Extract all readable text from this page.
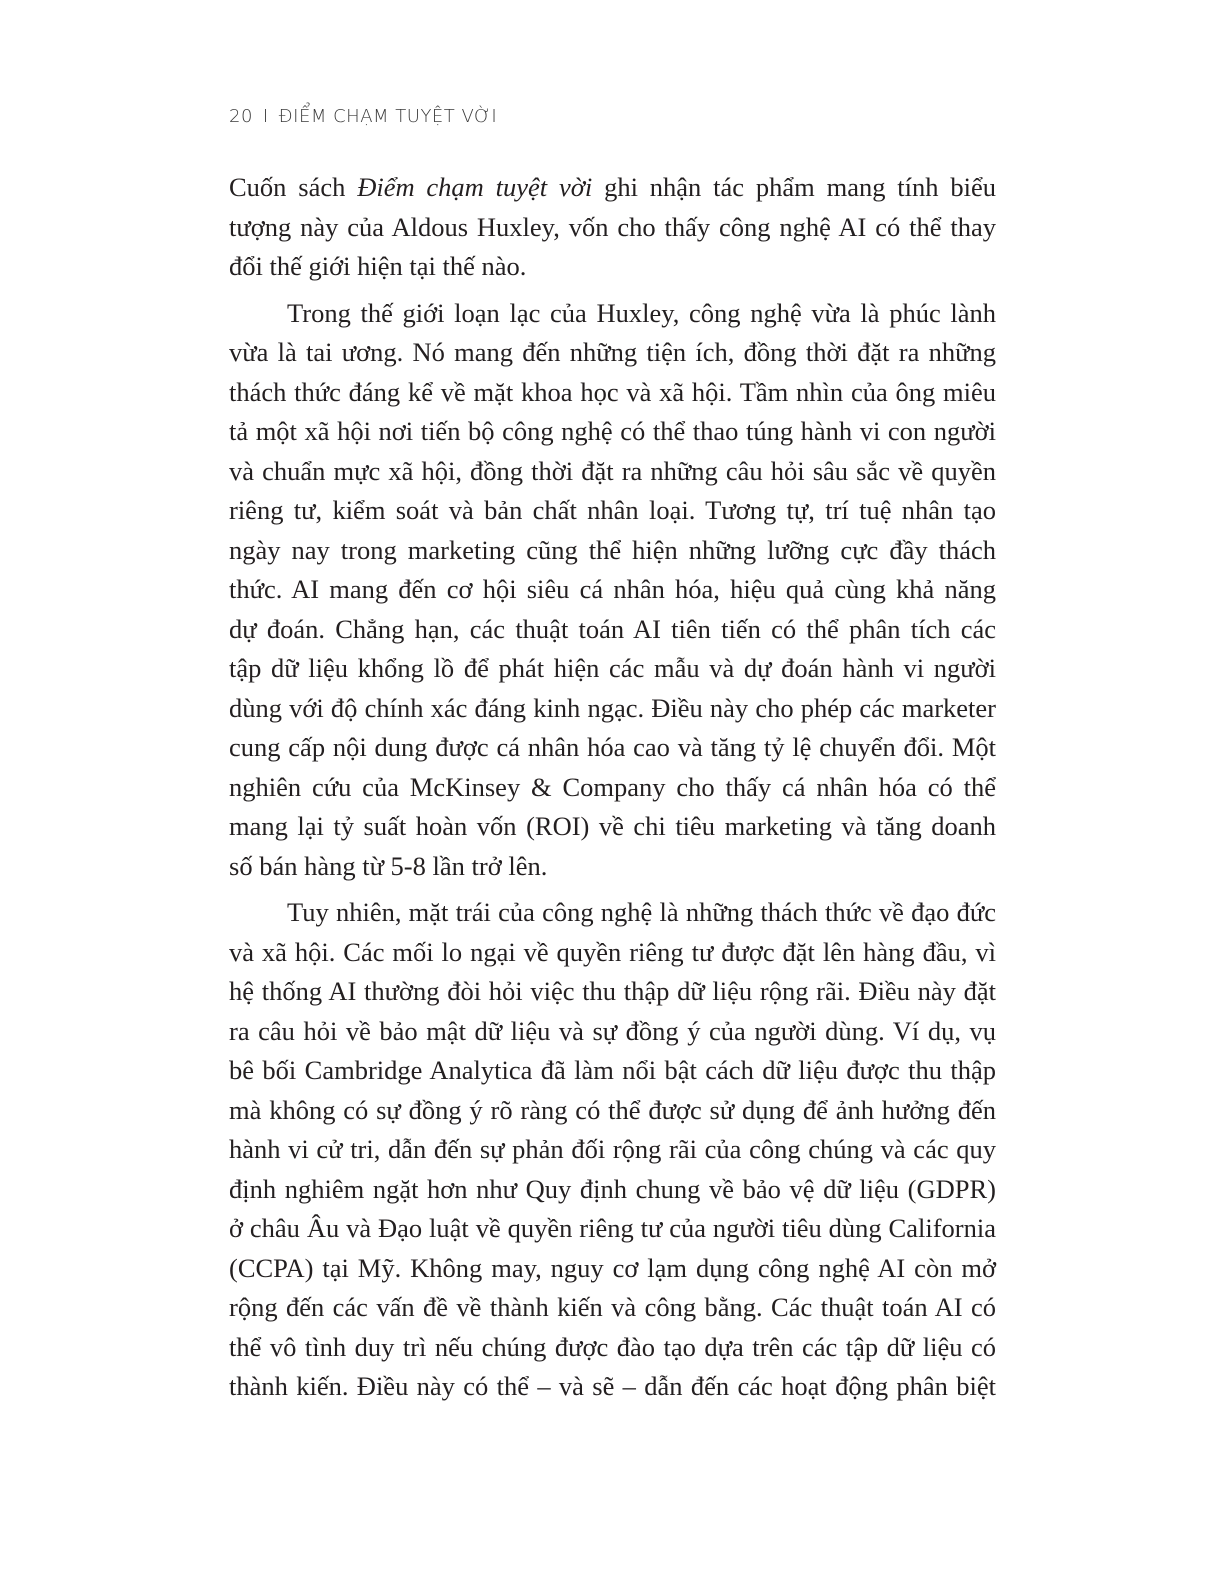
20 I ĐIỂM CHẠM TUYỆT VỜI
Cuốn sách Điểm chạm tuyệt vời ghi nhận tác phẩm mang tính biểu
tượng này của Aldous Huxley, vốn cho thấy công nghệ AI có thể thay
đổi thế giới hiện tại thế nào.
Trong thế giới loạn lạc của Huxley, công nghệ vừa là phúc lành
vừa là tai ương. Nó mang đến những tiện ích, đồng thời đặt ra những
thách thức đáng kể về mặt khoa học và xã hội. Tầm nhìn của ông miêu
tả một xã hội nơi tiến bộ công nghệ có thể thao túng hành vi con người
và chuẩn mực xã hội, đồng thời đặt ra những câu hỏi sâu sắc về quyền
riêng tư, kiểm soát và bản chất nhân loại. Tương tự, trí tuệ nhân tạo
ngày nay trong marketing cũng thể hiện những lưỡng cực đầy thách
thức. AI mang đến cơ hội siêu cá nhân hóa, hiệu quả cùng khả năng
dự đoán. Chẳng hạn, các thuật toán AI tiên tiến có thể phân tích các
tập dữ liệu khổng lồ để phát hiện các mẫu và dự đoán hành vi người
dùng với độ chính xác đáng kinh ngạc. Điều này cho phép các marketer
cung cấp nội dung được cá nhân hóa cao và tăng tỷ lệ chuyển đổi. Một
nghiên cứu của McKinsey & Company cho thấy cá nhân hóa có thể
mang lại tỷ suất hoàn vốn (ROI) về chi tiêu marketing và tăng doanh
số bán hàng từ 5-8 lần trở lên.
Tuy nhiên, mặt trái của công nghệ là những thách thức về đạo đức
và xã hội. Các mối lo ngại về quyền riêng tư được đặt lên hàng đầu, vì
hệ thống AI thường đòi hỏi việc thu thập dữ liệu rộng rãi. Điều này đặt
ra câu hỏi về bảo mật dữ liệu và sự đồng ý của người dùng. Ví dụ, vụ
bê bối Cambridge Analytica đã làm nổi bật cách dữ liệu được thu thập
mà không có sự đồng ý rõ ràng có thể được sử dụng để ảnh hưởng đến
hành vi cử tri, dẫn đến sự phản đối rộng rãi của công chúng và các quy
định nghiêm ngặt hơn như Quy định chung về bảo vệ dữ liệu (GDPR)
ở châu Âu và Đạo luật về quyền riêng tư của người tiêu dùng California
(CCPA) tại Mỹ. Không may, nguy cơ lạm dụng công nghệ AI còn mở
rộng đến các vấn đề về thành kiến và công bằng. Các thuật toán AI có
thể vô tình duy trì nếu chúng được đào tạo dựa trên các tập dữ liệu có
thành kiến. Điều này có thể – và sẽ – dẫn đến các hoạt động phân biệt
